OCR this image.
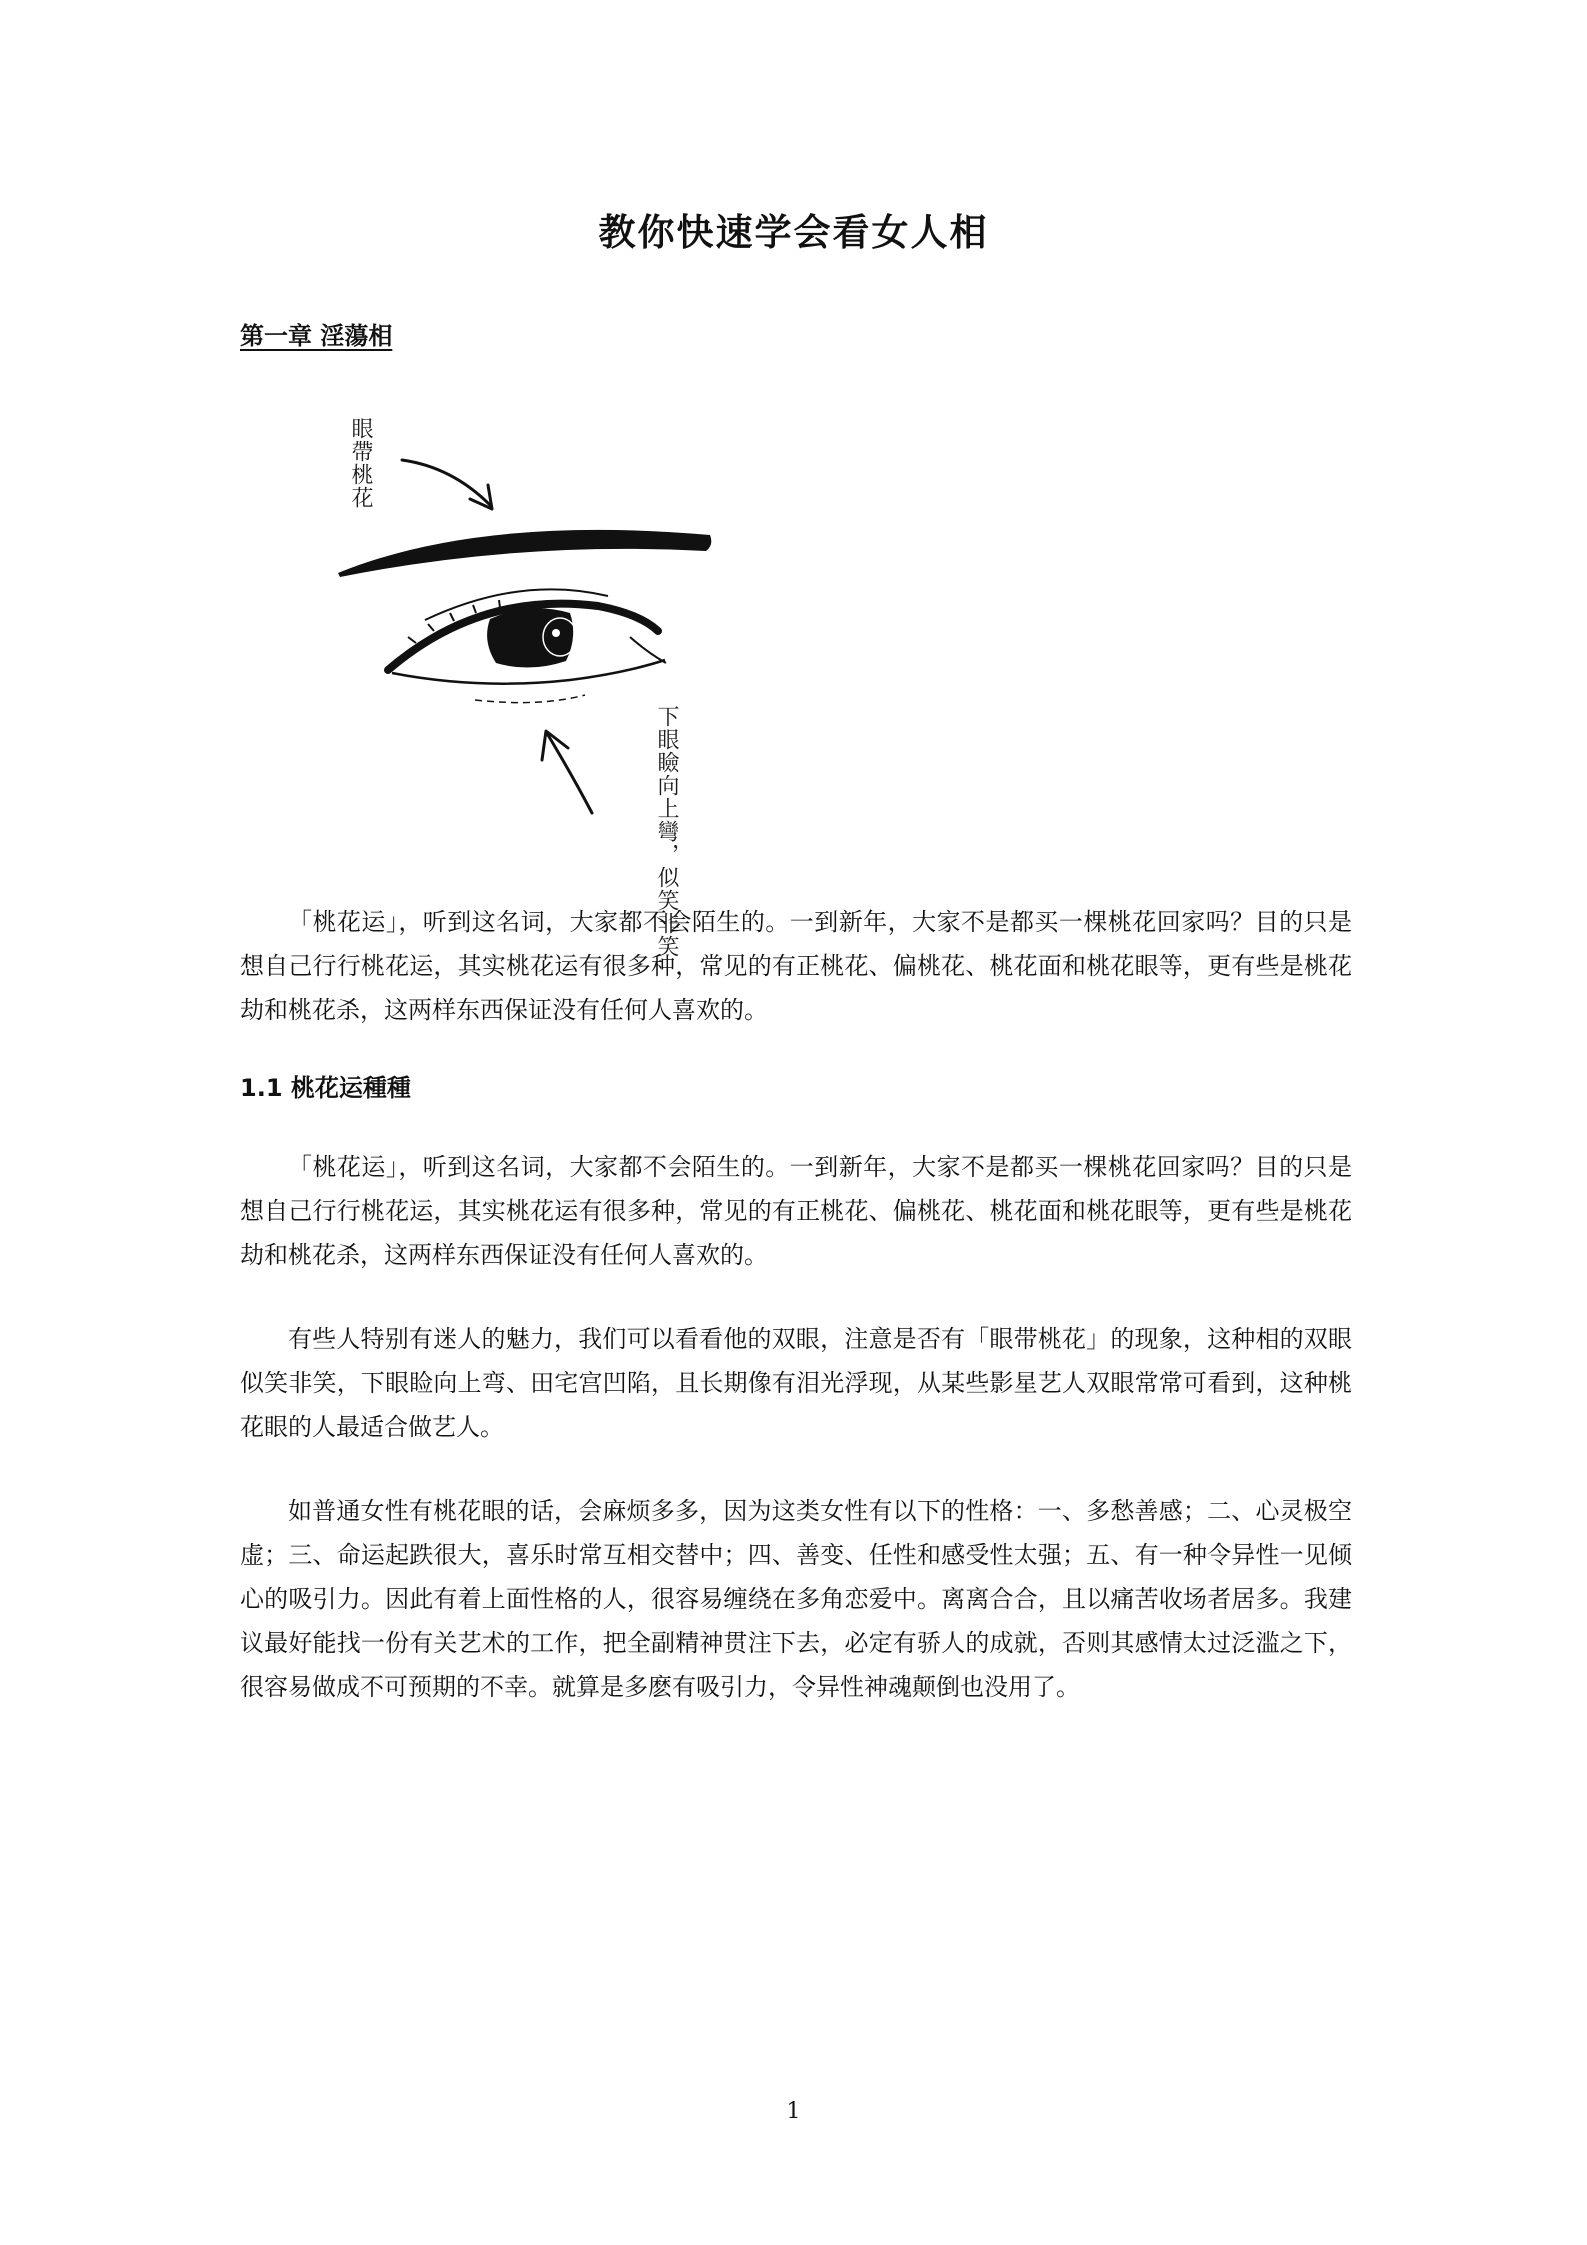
教你快速学会看女人相
第一章 淫蕩相
眼帶桃花
下眼瞼向上彎，似笑非笑

「桃花运」，听到这名词，大家都不会陌生的。一到新年，大家不是都买一棵桃花回家吗？目的只是想自己行行桃花运，其实桃花运有很多种，常见的有正桃花、偏桃花、桃花面和桃花眼等，更有些是桃花劫和桃花杀，这两样东西保证没有任何人喜欢的。

1.1 桃花运種種

「桃花运」，听到这名词，大家都不会陌生的。一到新年，大家不是都买一棵桃花回家吗？目的只是想自己行行桃花运，其实桃花运有很多种，常见的有正桃花、偏桃花、桃花面和桃花眼等，更有些是桃花劫和桃花杀，这两样东西保证没有任何人喜欢的。

有些人特别有迷人的魅力，我们可以看看他的双眼，注意是否有「眼带桃花」的现象，这种相的双眼似笑非笑，下眼睑向上弯、田宅宫凹陷，且长期像有泪光浮现，从某些影星艺人双眼常常可看到，这种桃花眼的人最适合做艺人。

如普通女性有桃花眼的话，会麻烦多多，因为这类女性有以下的性格：一、多愁善感；二、心灵极空虚；三、命运起跌很大，喜乐时常互相交替中；四、善变、任性和感受性太强；五、有一种令异性一见倾心的吸引力。因此有着上面性格的人，很容易缠绕在多角恋爱中。离离合合，且以痛苦收场者居多。我建议最好能找一份有关艺术的工作，把全副精神贯注下去，必定有骄人的成就，否则其感情太过泛滥之下，很容易做成不可预期的不幸。就算是多麽有吸引力，令异性神魂颠倒也没用了。

1
